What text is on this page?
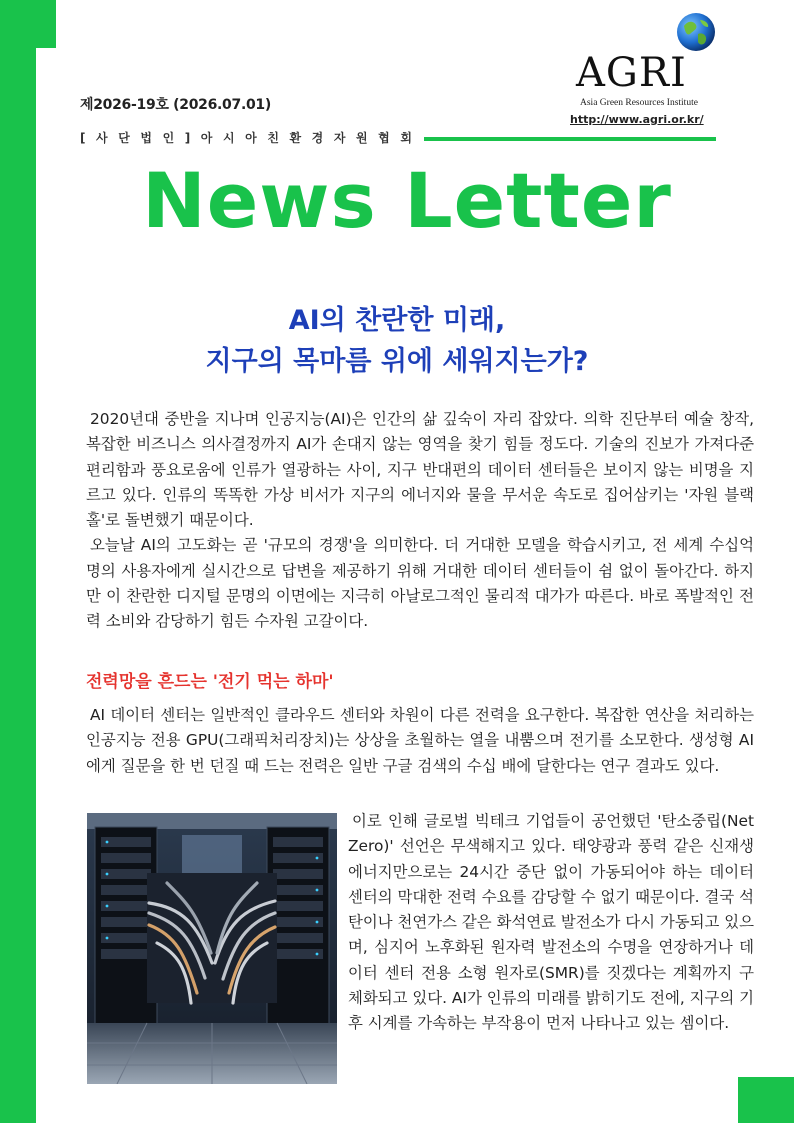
제2026-19호 (2026.07.01)
[ 사 단 법 인 ] 아 시 아 친 환 경 자 원 협 회
AGRI
Asia Green Resources Institute
http://www.agri.or.kr/
News Letter
AI의 찬란한 미래,
지구의 목마름 위에 세워지는가?

2020년대 중반을 지나며 인공지능(AI)은 인간의 삶 깊숙이 자리 잡았다. 의학 진단부터 예술 창작, 복잡한 비즈니스 의사결정까지 AI가 손대지 않는 영역을 찾기 힘들 정도다. 기술의 진보가 가져다준 편리함과 풍요로움에 인류가 열광하는 사이, 지구 반대편의 데이터 센터들은 보이지 않는 비명을 지르고 있다. 인류의 똑똑한 가상 비서가 지구의 에너지와 물을 무서운 속도로 집어삼키는 '자원 블랙홀'로 돌변했기 때문이다.

오늘날 AI의 고도화는 곧 '규모의 경쟁'을 의미한다. 더 거대한 모델을 학습시키고, 전 세계 수십억 명의 사용자에게 실시간으로 답변을 제공하기 위해 거대한 데이터 센터들이 쉼 없이 돌아간다. 하지만 이 찬란한 디지털 문명의 이면에는 지극히 아날로그적인 물리적 대가가 따른다. 바로 폭발적인 전력 소비와 감당하기 힘든 수자원 고갈이다.

전력망을 흔드는 '전기 먹는 하마'

AI 데이터 센터는 일반적인 클라우드 센터와 차원이 다른 전력을 요구한다. 복잡한 연산을 처리하는 인공지능 전용 GPU(그래픽처리장치)는 상상을 초월하는 열을 내뿜으며 전기를 소모한다. 생성형 AI에게 질문을 한 번 던질 때 드는 전력은 일반 구글 검색의 수십 배에 달한다는 연구 결과도 있다.

이로 인해 글로벌 빅테크 기업들이 공언했던 '탄소중립(Net Zero)' 선언은 무색해지고 있다. 태양광과 풍력 같은 신재생 에너지만으로는 24시간 중단 없이 가동되어야 하는 데이터 센터의 막대한 전력 수요를 감당할 수 없기 때문이다. 결국 석탄이나 천연가스 같은 화석연료 발전소가 다시 가동되고 있으며, 심지어 노후화된 원자력 발전소의 수명을 연장하거나 데이터 센터 전용 소형 원자로(SMR)를 짓겠다는 계획까지 구체화되고 있다. AI가 인류의 미래를 밝히기도 전에, 지구의 기후 시계를 가속하는 부작용이 먼저 나타나고 있는 셈이다.
